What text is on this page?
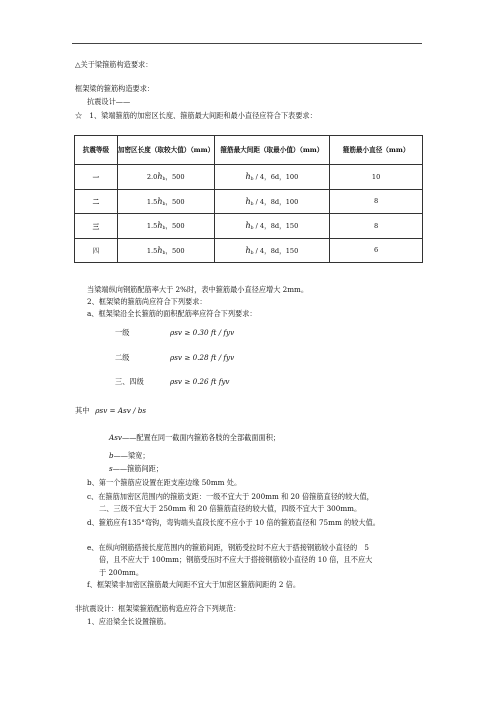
△关于梁箍筋构造要求：
框架梁的箍筋构造要求：
抗震设计——
☆　1、梁端箍筋的加密区长度、箍筋最大间距和最小直径应符合下表要求：
抗震等级	加密区长度（取较大值）（mm）	箍筋最大间距（取最小值）（mm）	箍筋最小直径（mm）
一	$2.0h_b$，500	$h_b / 4$，6d，100	10
二	$1.5h_b$，500	$h_b / 4$，8d，100	8
三	$1.5h_b$，500	$h_b / 4$，8d，150	8
四	$1.5h_b$，500	$h_b / 4$，8d，150	6
当梁端纵向钢筋配筋率大于 2%时，表中箍筋最小直径应增大 2mm。
2、框架梁的箍筋尚应符合下列要求：
a、框架梁沿全长箍筋的面积配筋率应符合下列要求：
一级	ρsv ≥ 0.30 ft / fyv
二级	ρsv ≥ 0.28 ft / fyv
三、四级	ρsv ≥ 0.26 ft fyv
其中 ρsv = Asv / bs
Asv——配置在同一截面内箍筋各肢的全部截面面积；
b——梁宽；
s——箍筋间距；
b、第一个箍筋应设置在距支座边缘 50mm 处。
c、在箍筋加密区范围内的箍筋支距：一级不宜大于 200mm 和 20 倍箍筋直径的较大值，
二、三级不宜大于 250mm 和 20 倍箍筋直径的较大值，四级不宜大于 300mm。
d、箍筋应有135°弯钩，弯钩端头直段长度不应小于 10 倍的箍筋直径和 75mm 的较大值。
e、在纵向钢筋搭接长度范围内的箍筋间距，钢筋受拉时不应大于搭接钢筋较小直径的　5
倍，且不应大于 100mm；钢筋受压时不应大于搭接钢筋较小直径的 10 倍，且不应大
于 200mm。
f、框架梁非加密区箍筋最大间距不宜大于加密区箍筋间距的 2 倍。
非抗震设计：框架梁箍筋配筋构造应符合下列规范：
1、应沿梁全长设置箍筋。
